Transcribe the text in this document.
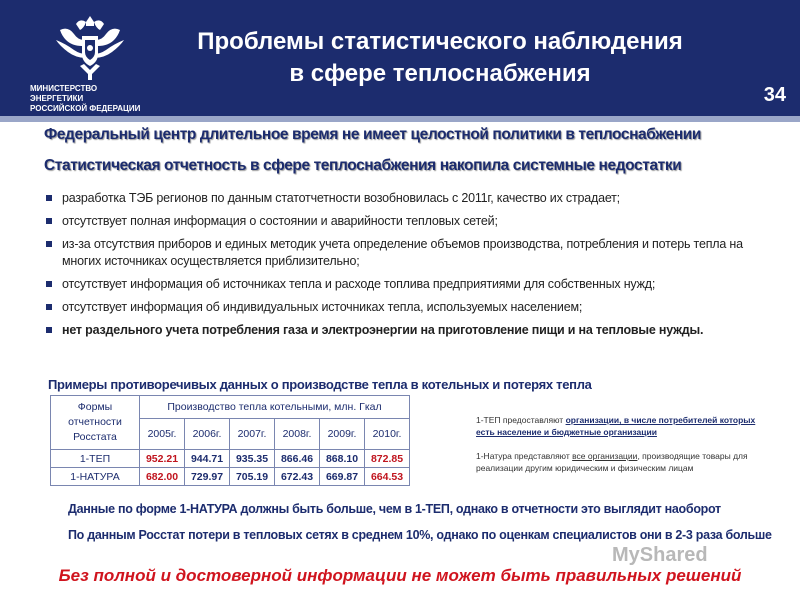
МИНИСТЕРСТВО ЭНЕРГЕТИКИ
РОССИЙСКОЙ ФЕДЕРАЦИИ
Проблемы статистического наблюдения
в сфере теплоснабжения
34
Федеральный центр длительное время не имеет целостной политики в теплоснабжении
Статистическая отчетность в сфере теплоснабжения накопила системные недостатки
разработка ТЭБ регионов по данным статотчетности возобновилась с 2011г, качество их страдает;
отсутствует полная информация о состоянии и аварийности тепловых сетей;
из-за отсутствия приборов и единых методик учета определение объемов производства, потребления и потерь тепла на многих источниках осуществляется приблизительно;
отсутствует информация об источниках тепла и расходе топлива предприятиями для собственных нужд;
отсутствует информация об индивидуальных источниках тепла, используемых населением;
нет раздельного учета потребления газа и электроэнергии на приготовление пищи и на тепловые нужды.
Примеры противоречивых данных о производстве тепла в котельных и потерях тепла
Формы
отчетности
Росстата	Производство тепла котельными, млн. Гкал					
	2005г.	2006г.	2007г.	2008г.	2009г.	2010г.
1-ТЕП	952.21	944.71	935.35	866.46	868.10	872.85
1-НАТУРА	682.00	729.97	705.19	672.43	669.87	664.53
1-ТЕП предоставляют организации, в числе потребителей которых есть население и бюджетные организации
1-Натура представляют все организации, производящие товары для реализации другим юридическим и физическим лицам
Данные по форме 1-НАТУРА должны быть больше, чем в 1-ТЕП, однако в отчетности это выглядит наоборот
По данным Росстат потери в тепловых сетях в среднем 10%, однако по оценкам специалистов они в 2-3 раза больше
MyShared
Без полной и достоверной информации не может быть правильных решений
